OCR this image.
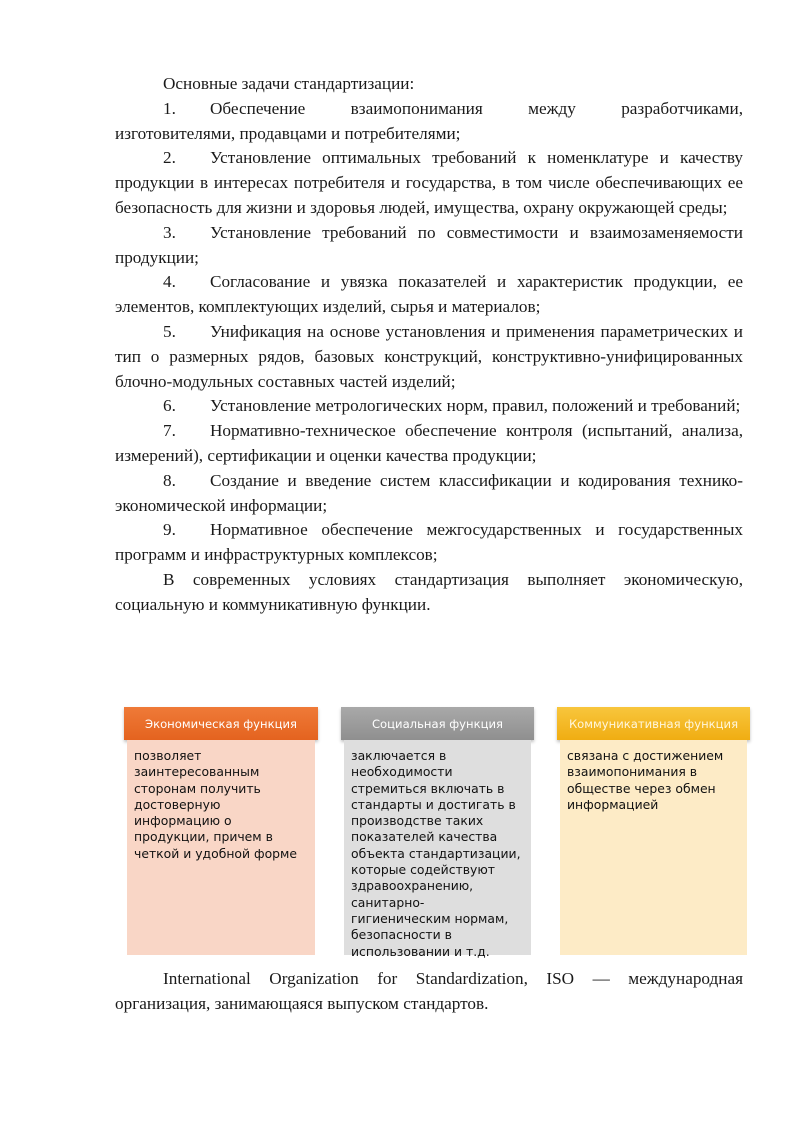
Основные задачи стандартизации:

1. Обеспечение взаимопонимания между разработчиками, изготовителями, продавцами и потребителями;

2. Установление оптимальных требований к номенклатуре и качеству продукции в интересах потребителя и государства, в том числе обеспечивающих ее безопасность для жизни и здоровья людей, имущества, охрану окружающей среды;

3. Установление требований по совместимости и взаимозаменяемости продукции;

4. Согласование и увязка показателей и характеристик продукции, ее элементов, комплектующих изделий, сырья и материалов;

5. Унификация на основе установления и применения параметрических и тип о размерных рядов, базовых конструкций, конструктивно-унифицированных блочно-модульных составных частей изделий;

6. Установление метрологических норм, правил, положений и требований;

7. Нормативно-техническое обеспечение контроля (испытаний, анализа, измерений), сертификации и оценки качества продукции;

8. Создание и введение систем классификации и кодирования технико-экономической информации;

9. Нормативное обеспечение межгосударственных и государственных программ и инфраструктурных комплексов;

В современных условиях стандартизация выполняет экономическую, социальную и коммуникативную функции.

Экономическая функция
позволяет заинтересованным сторонам получить достоверную информацию о продукции, причем в четкой и удобной форме
Социальная функция
заключается в необходимости стремиться включать в стандарты и достигать в производстве таких показателей качества объекта стандартизации, которые содействуют здравоохранению, санитарно-гигиеническим нормам, безопасности в использовании и т.д.
Коммуникативная функция
связана с достижением взаимопонимания в обществе через обмен информацией

International Organization for Standardization, ISO — международная организация, занимающаяся выпуском стандартов.
